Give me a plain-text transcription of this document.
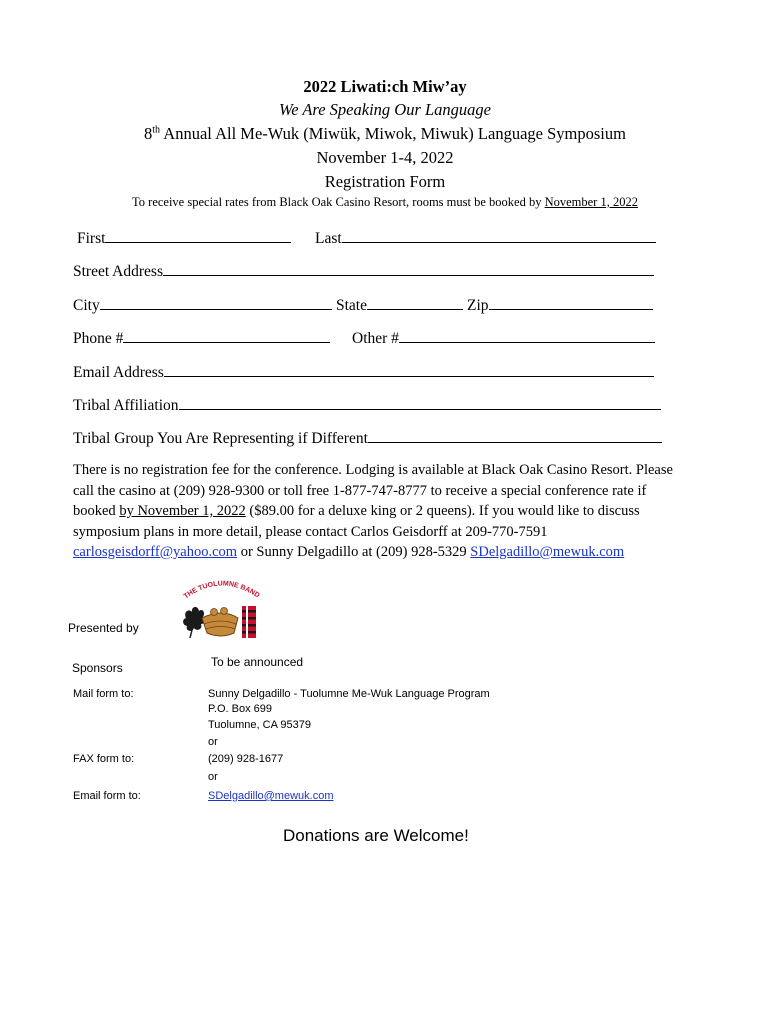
2022 Liwati:ch Miw’ay
We Are Speaking Our Language
8th Annual All Me-Wuk (Miwük, Miwok, Miwuk) Language Symposium
November 1-4, 2022
Registration Form
To receive special rates from Black Oak Casino Resort, rooms must be booked by November 1, 2022
First	Last
Street Address
City	State	Zip
Phone #	Other #
Email Address
Tribal Affiliation
Tribal Group You Are Representing if Different
There is no registration fee for the conference. Lodging is available at Black Oak Casino Resort. Please call the casino at (209) 928-9300 or toll free 1-877-747-8777 to receive a special conference rate if booked by November 1, 2022 ($89.00 for a deluxe king or 2 queens). If you would like to discuss symposium plans in more detail, please contact Carlos Geisdorff at 209-770-7591 carlosgeisdorff@yahoo.com or Sunny Delgadillo at (209) 928-5329 SDelgadillo@mewuk.com
THE TUOLUMNE BAND
Presented by
Sponsors	To be announced
Mail form to:	Sunny Delgadillo - Tuolumne Me-Wuk Language Program
P.O. Box 699
Tuolumne, CA 95379
or
FAX form to:	(209) 928-1677
or
Email form to:	SDelgadillo@mewuk.com
Donations are Welcome!
